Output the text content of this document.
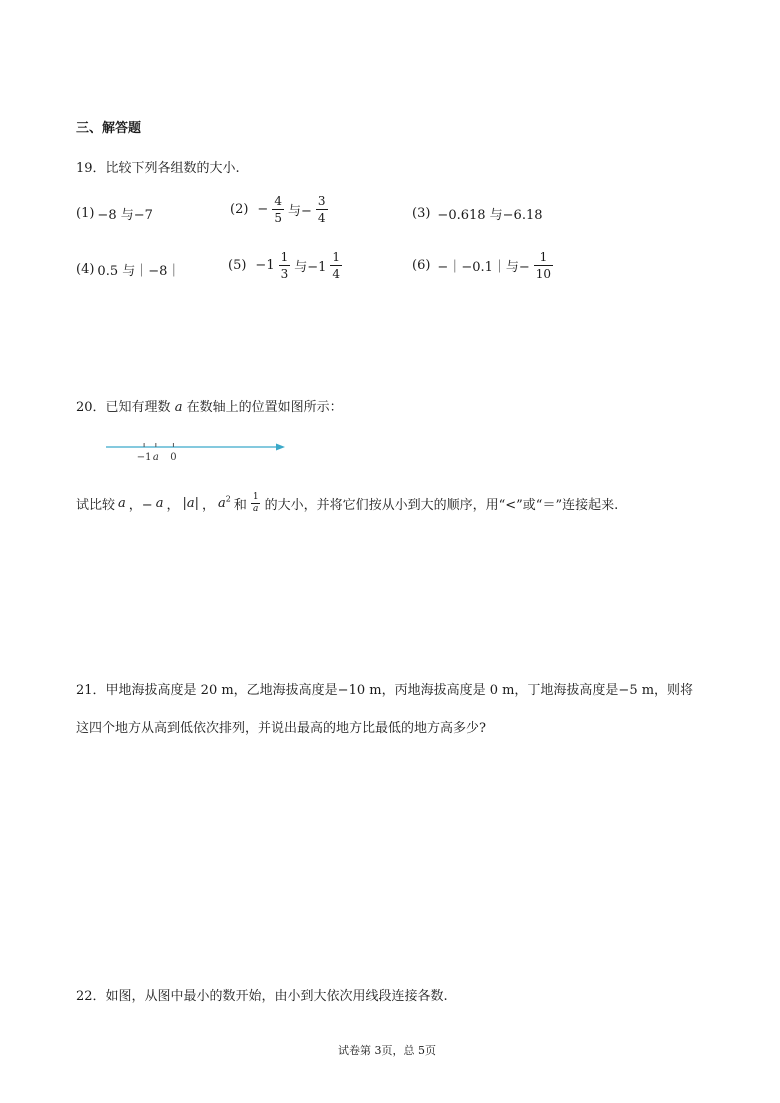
三、解答题
19．比较下列各组数的大小.
(1) −8 与−7	$(2) - \frac{4}{5}$ 与− $\frac{3}{4}$	(3) −0.618 与−6.18
(4) 0.5 与｜−8｜	$(5) -1 \frac{1}{3}$ 与$-1 \frac{1}{4}$	(6) −｜−0.1｜与− $\frac{1}{10}$
20．已知有理数 a 在数轴上的位置如图所示：
−1 a 0
试比较 a ，− a ， |a| ， $a^2$ 和 $\frac{1}{a}$ 的大小，并将它们按从小到大的顺序，用“<”或“＝”连接起来.
21．甲地海拔高度是 20 m，乙地海拔高度是−10 m，丙地海拔高度是 0 m，丁地海拔高度是−5 m，则将
这四个地方从高到低依次排列，并说出最高的地方比最低的地方高多少?
22．如图，从图中最小的数开始，由小到大依次用线段连接各数.
试卷第 3页，总 5页
